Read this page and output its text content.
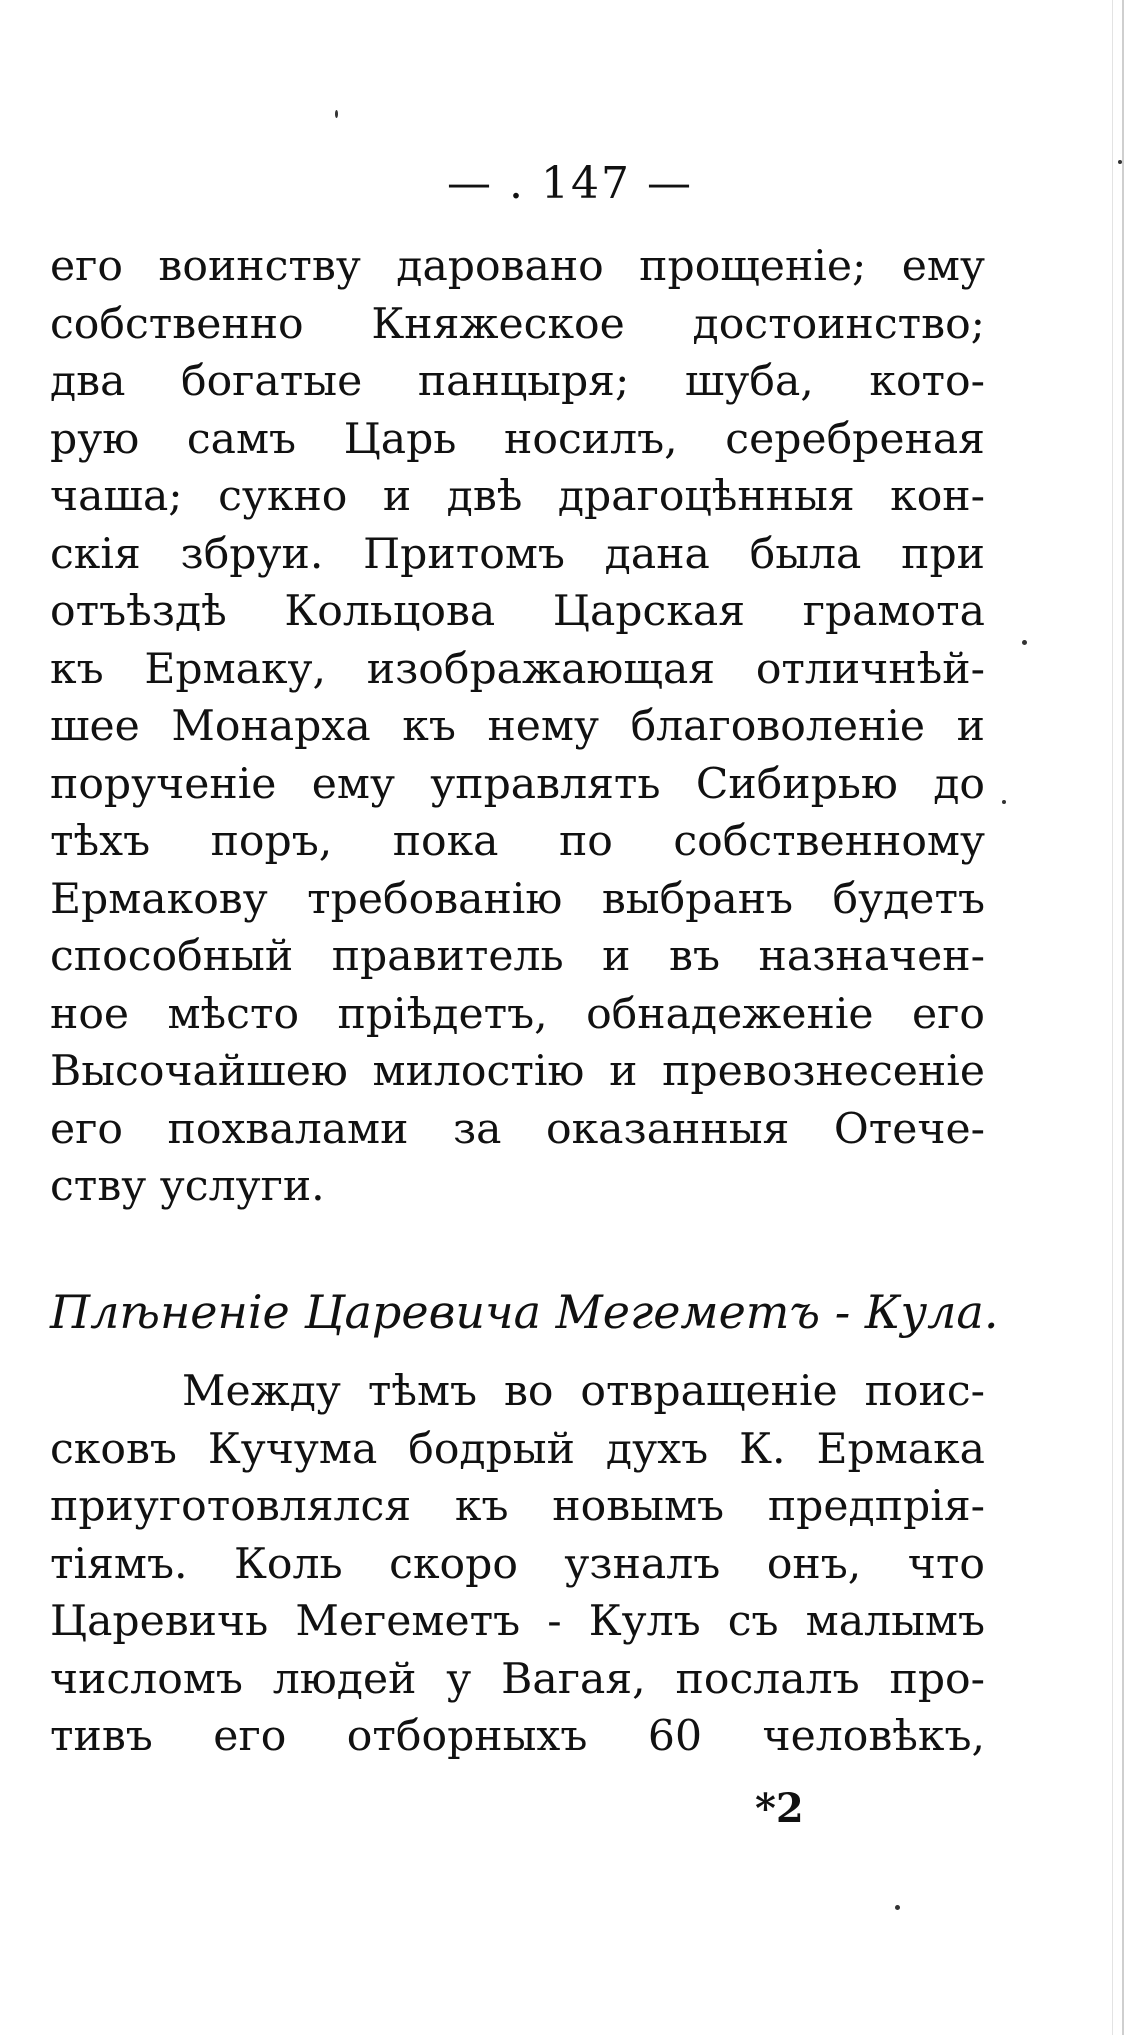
— . 147 —
его воинству даровано прощеніе; ему
собственно Княжеское достоинство;
два богатые панцыря; шуба, кото-
рую самъ Царь носилъ, серебреная
чаша; сукно и двѣ драгоцѣнныя кон-
скія збруи. Притомъ дана была при
отъѣздѣ Кольцова Царская грамота
къ Ермаку, изображающая отличнѣй-
шее Монарха къ нему благоволеніе и
порученіе ему управлять Сибирью до
тѣхъ поръ, пока по собственному
Ермакову требованію выбранъ будетъ
способный правитель и въ назначен-
ное мѣсто прiѣдетъ, обнадеженіе его
Высочайшею милостію и превознесеніе
его похвалами за оказанныя Отече-
ству услуги.
Плѣненіе Царевича Мегеметъ - Кула.
Между тѣмъ во отвращеніе поис-
сковъ Кучума бодрый духъ К. Ермака
приуготовлялся къ новымъ предпрія-
тіямъ. Коль скоро узналъ онъ, что
Царевичь Мегеметъ - Кулъ съ малымъ
числомъ людей у Вагая, послалъ про-
тивъ его отборныхъ 60 человѣкъ,
*2
